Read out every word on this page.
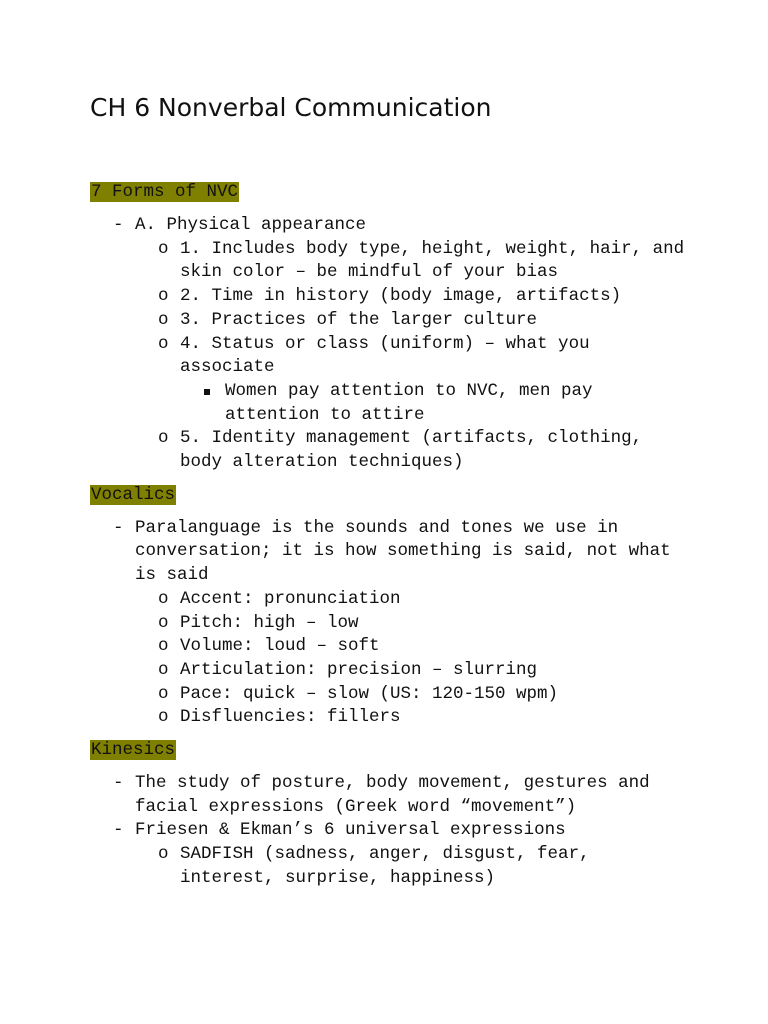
CH 6 Nonverbal Communication
7 Forms of NVC
- A. Physical appearance
o 1. Includes body type, height, weight, hair, and skin color – be mindful of your bias
o 2. Time in history (body image, artifacts)
o 3. Practices of the larger culture
o 4. Status or class (uniform) – what you associate
Women pay attention to NVC, men pay attention to attire
o 5. Identity management (artifacts, clothing, body alteration techniques)
Vocalics
- Paralanguage is the sounds and tones we use in conversation; it is how something is said, not what is said
o Accent: pronunciation
o Pitch: high – low
o Volume: loud – soft
o Articulation: precision – slurring
o Pace: quick – slow (US: 120-150 wpm)
o Disfluencies: fillers
Kinesics
- The study of posture, body movement, gestures and facial expressions (Greek word “movement”)
- Friesen & Ekman’s 6 universal expressions
o SADFISH (sadness, anger, disgust, fear, interest, surprise, happiness)
